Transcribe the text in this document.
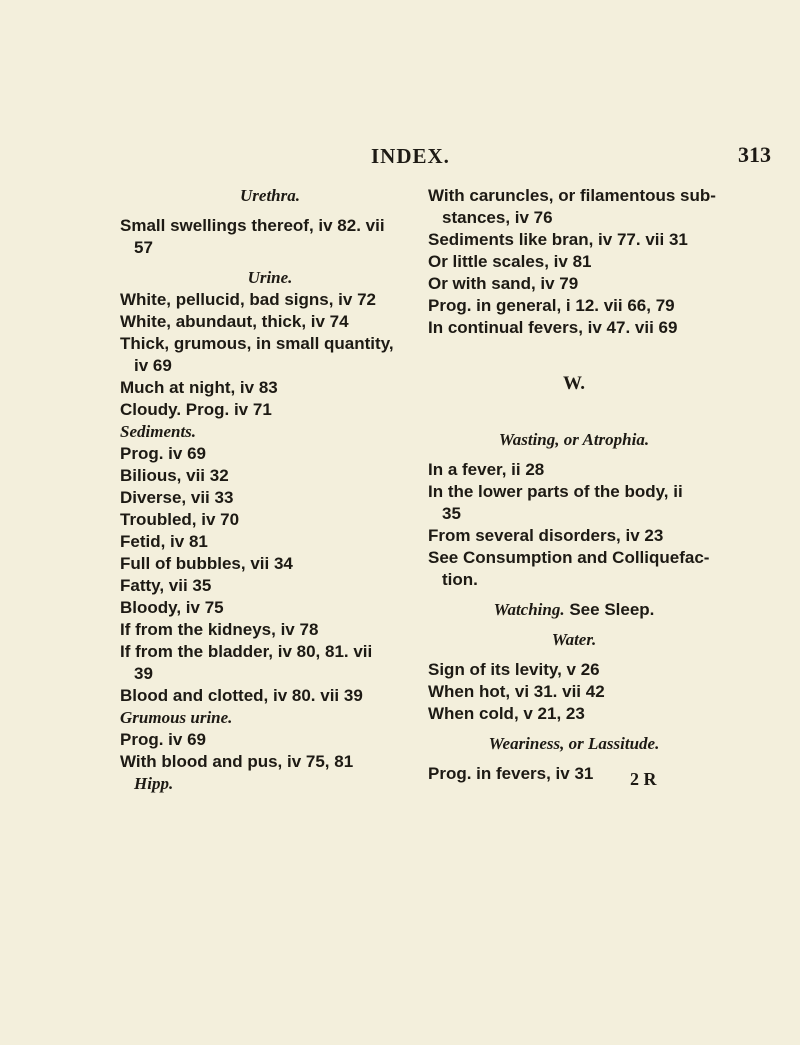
INDEX.	313
Urethra.
Small swellings thereof, iv 82. vii
57
Urine.
White, pellucid, bad signs, iv 72
White, abundaut, thick, iv 74
Thick, grumous, in small quantity,
iv 69
Much at night, iv 83
Cloudy. Prog. iv 71
Sediments.
Prog. iv 69
Bilious, vii 32
Diverse, vii 33
Troubled, iv 70
Fetid, iv 81
Full of bubbles, vii 34
Fatty, vii 35
Bloody, iv 75
If from the kidneys, iv 78
If from the bladder, iv 80, 81. vii
39
Blood and clotted, iv 80. vii 39
Grumous urine.
Prog. iv 69
With blood and pus, iv 75, 81
Hipp.
With caruncles, or filamentous sub-
stances, iv 76
Sediments like bran, iv 77. vii 31
Or little scales, iv 81
Or with sand, iv 79
Prog. in general, i 12. vii 66, 79
In continual fevers, iv 47. vii 69
W.
Wasting, or Atrophia.
In a fever, ii 28
In the lower parts of the body, ii
35
From several disorders, iv 23
See Consumption and Colliquefac-
tion.
Watching. See Sleep.
Water.
Sign of its levity, v 26
When hot, vi 31. vii 42
When cold, v 21, 23
Weariness, or Lassitude.
Prog. in fevers, iv 31	2 R
